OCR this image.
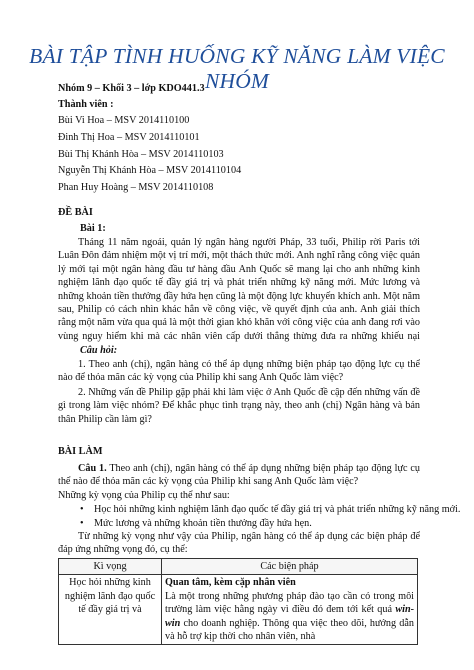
BÀI TẬP TÌNH HUỐNG KỸ NĂNG LÀM VIỆC NHÓM
Nhóm 9 – Khối 3 – lớp KDO441.3
Thành viên :
Bùi Vi Hoa – MSV 2014110100
Đinh Thị Hoa – MSV 2014110101
Bùi Thị Khánh Hòa – MSV 2014110103
Nguyễn Thị Khánh Hòa – MSV 2014110104
Phan Huy Hoàng – MSV 2014110108
ĐỀ BÀI
Bài 1:
Tháng 11 năm ngoái, quản lý ngân hàng người Pháp, 33 tuổi, Philip rời Paris tới Luân Đôn đảm nhiệm một vị trí mới, một thách thức mới. Anh nghĩ rằng công việc quản lý mới tại một ngân hàng đầu tư hàng đầu Anh Quốc sẽ mang lại cho anh những kinh nghiệm lãnh đạo quốc tế đầy giá trị và phát triển những kỹ năng mới. Mức lương và những khoản tiền thưởng đầy hứa hẹn cũng là một động lực khuyến khích anh. Một năm sau, Philip có cách nhìn khác hẳn về công việc, về quyết định của anh. Anh giải thích rằng một năm vừa qua quả là một thời gian khó khăn với công việc của anh đang rơi vào vùng nguy hiểm khi mà các nhân viên cấp dưới thẳng thừng đưa ra những khiếu nại
Câu hỏi:
1. Theo anh (chị), ngân hàng có thể áp dụng những biện pháp tạo động lực cụ thể nào để thỏa mãn các kỳ vọng của Philip khi sang Anh Quốc làm việc?
2. Những vấn đề Philip gặp phải khi làm việc ở Anh Quốc đề cập đến những vấn đề gì trong làm việc nhóm? Để khắc phục tình trạng này, theo anh (chị) Ngân hàng và bản thân Philip cần làm gì?
BÀI LÀM
Câu 1. Theo anh (chị), ngân hàng có thể áp dụng những biện pháp tạo động lực cụ thể nào để thỏa mãn các kỳ vọng của Philip khi sang Anh Quốc làm việc?
Những kỳ vọng của Philip cụ thể như sau:
• Học hỏi những kinh nghiệm lãnh đạo quốc tế đầy giá trị và phát triển những kỹ năng mới.
• Mức lương và những khoản tiền thưởng đầy hứa hẹn.
Từ những kỳ vọng như vậy của Philip, ngân hàng có thể áp dụng các biện pháp để đáp ứng những vọng đó, cụ thể:
Kì vọng	Các biện pháp
Học hỏi những kinh nghiệm lãnh đạo quốc tế đầy giá trị và	Quan tâm, kèm cặp nhân viên
Là một trong những phương pháp đào tạo cần có trong môi trường làm việc hằng ngày vì điều đó đem tới kết quả win-win cho doanh nghiệp. Thông qua việc theo dõi, hướng dẫn và hỗ trợ kịp thời cho nhân viên, nhà
